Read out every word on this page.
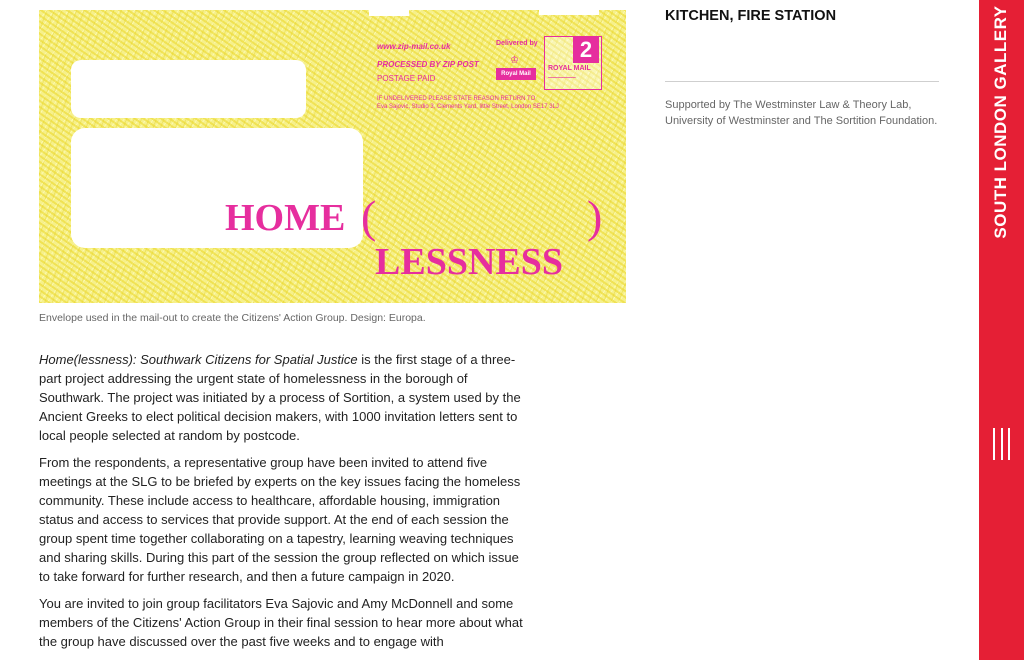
www.zip-mail.co.uk
PROCESSED BY ZIP POST
POSTAGE PAID
IF UNDELIVERED PLEASE STATE REASON RETURN TO
Eva Sajovic, Studio 3, Clements Yard, little Street, London SE17 3LJ
Delivered by
♔
Royal Mail
2
ROYAL MAIL
▔▔▔▔▔▔▔▔▔
HOME (	)
LESSNESS
Envelope used in the mail-out to create the Citizens' Action Group. Design: Europa.

Home(lessness): Southwark Citizens for Spatial Justice is the first stage of a three-part project addressing the urgent state of homelessness in the borough of Southwark. The project was initiated by a process of Sortition, a system used by the Ancient Greeks to elect political decision makers, with 1000 invitation letters sent to local people selected at random by postcode.

From the respondents, a representative group have been invited to attend five meetings at the SLG to be briefed by experts on the key issues facing the homeless community. These include access to healthcare, affordable housing, immigration status and access to services that provide support. At the end of each session the group spent time together collaborating on a tapestry, learning weaving techniques and sharing skills. During this part of the session the group reflected on which issue to take forward for further research, and then a future campaign in 2020.

You are invited to join group facilitators Eva Sajovic and Amy McDonnell and some members of the Citizens' Action Group in their final session to hear more about what the group have discussed over the past five weeks and to engage with

KITCHEN, FIRE STATION
Supported by The Westminster Law & Theory Lab, University of Westminster and The Sortition Foundation.	SOUTH LONDON GALLERY
